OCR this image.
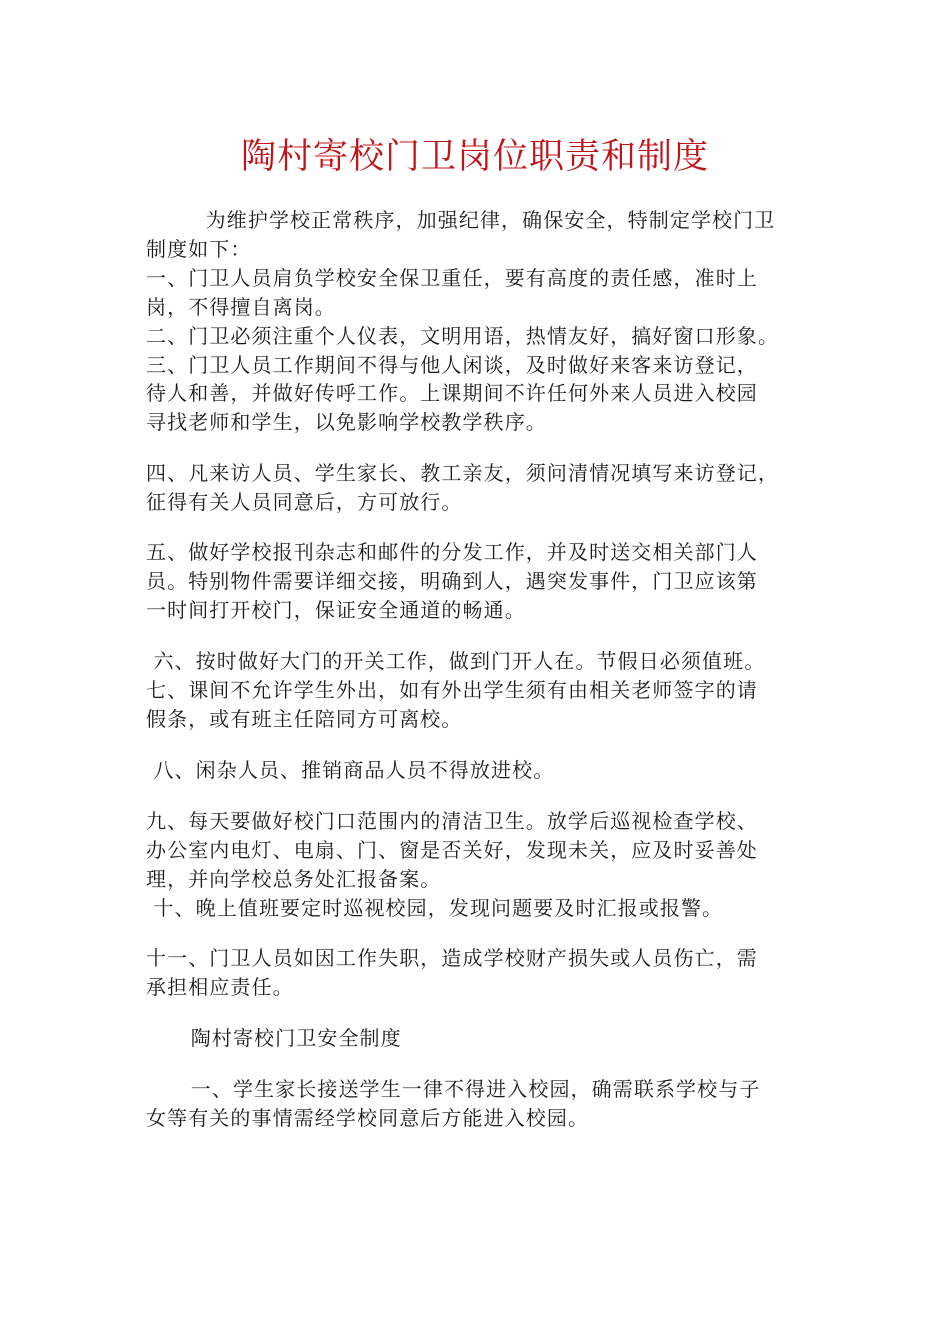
陶村寄校门卫岗位职责和制度
为维护学校正常秩序，加强纪律，确保安全，特制定学校门卫
制度如下：
一、门卫人员肩负学校安全保卫重任，要有高度的责任感，准时上
岗，不得擅自离岗。
二、门卫必须注重个人仪表，文明用语，热情友好，搞好窗口形象。
三、门卫人员工作期间不得与他人闲谈，及时做好来客来访登记，
待人和善，并做好传呼工作。上课期间不许任何外来人员进入校园
寻找老师和学生，以免影响学校教学秩序。
四、凡来访人员、学生家长、教工亲友，须问清情况填写来访登记，
征得有关人员同意后，方可放行。
五、做好学校报刊杂志和邮件的分发工作，并及时送交相关部门人
员。特别物件需要详细交接，明确到人，遇突发事件，门卫应该第
一时间打开校门，保证安全通道的畅通。
六、按时做好大门的开关工作，做到门开人在。节假日必须值班。
七、课间不允许学生外出，如有外出学生须有由相关老师签字的请
假条，或有班主任陪同方可离校。
八、闲杂人员、推销商品人员不得放进校。
九、每天要做好校门口范围内的清洁卫生。放学后巡视检查学校、
办公室内电灯、电扇、门、窗是否关好，发现未关，应及时妥善处
理，并向学校总务处汇报备案。
十、晚上值班要定时巡视校园，发现问题要及时汇报或报警。
十一、门卫人员如因工作失职，造成学校财产损失或人员伤亡，需
承担相应责任。
陶村寄校门卫安全制度
一、学生家长接送学生一律不得进入校园，确需联系学校与子
女等有关的事情需经学校同意后方能进入校园。
